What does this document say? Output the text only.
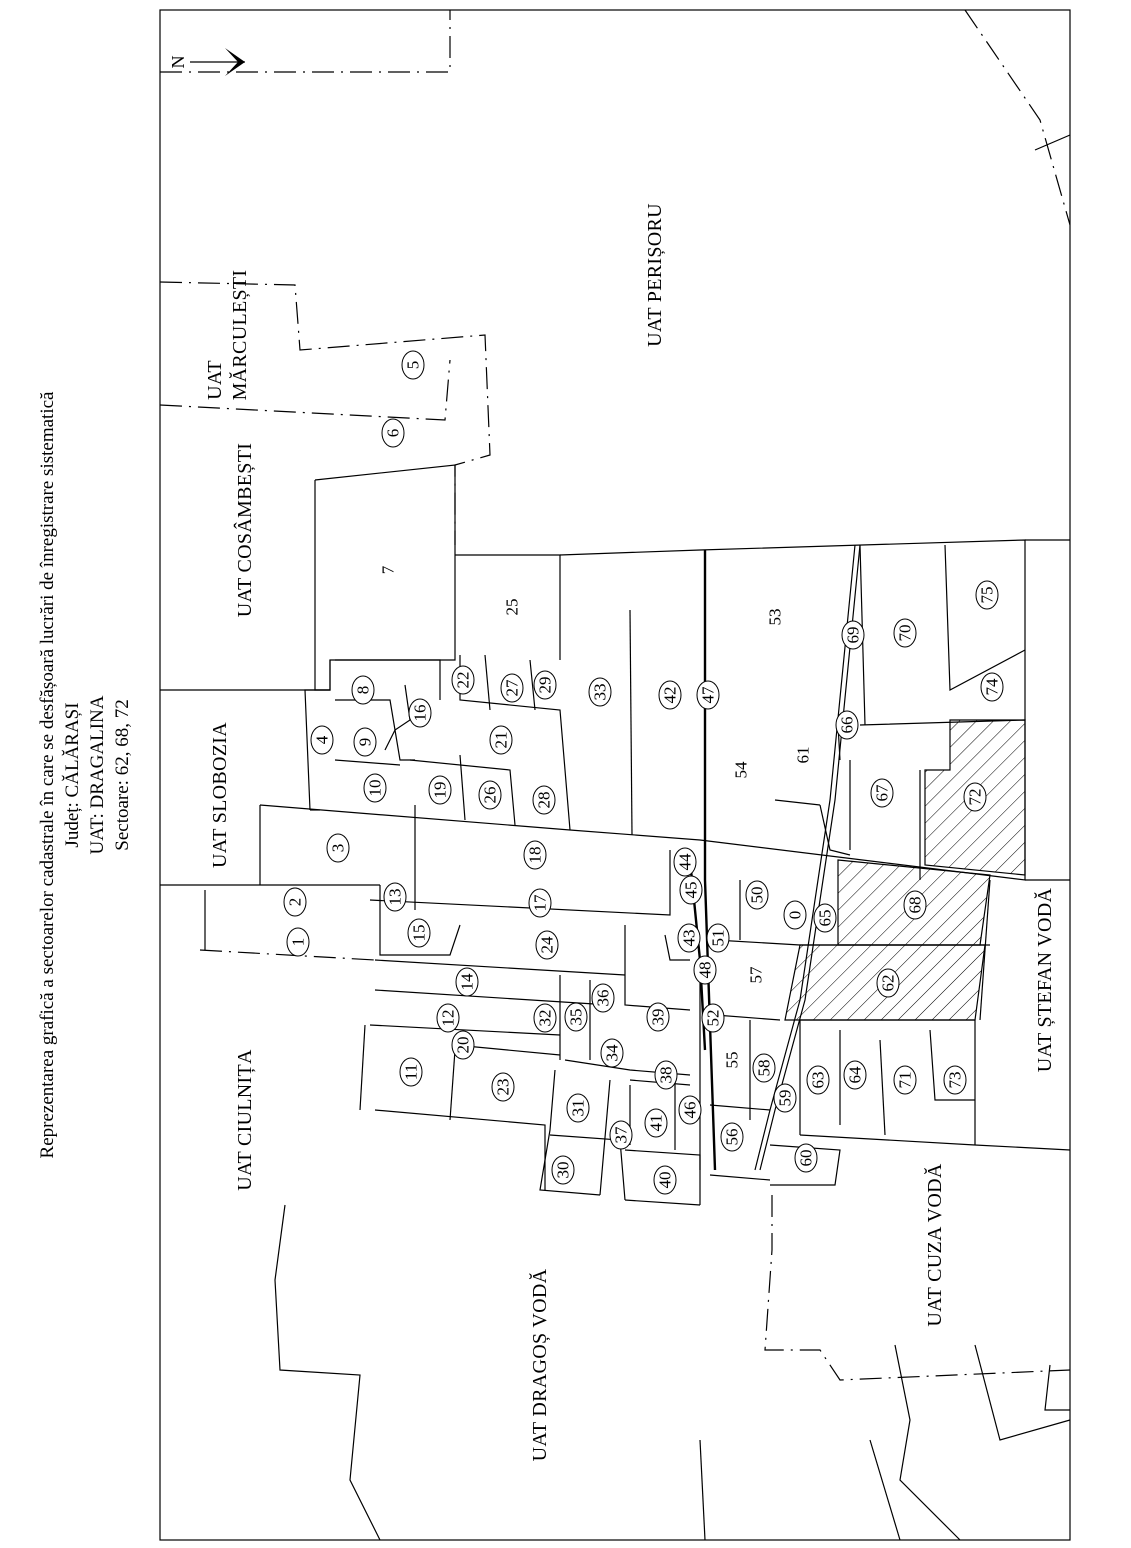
Reprezentarea grafică a sectoarelor cadastrale în care se desfășoară lucrări de înregistrare sistematică Județ: CĂLĂRAȘI UAT: DRAGALINA Sectoare: 62, 68, 72
N
UAT PERIȘORU
UAT MĂRCULEȘTI
UAT COSÂMBEȘTI
UAT SLOBOZIA
UAT CIULNIȚA
UAT DRAGOȘ VODĂ
UAT CUZA VODĂ
UAT ȘTEFAN VODĂ
0
1
2
3
4
5
6
7
8
9
10
11
12
13
14
15
16
17
18
19
20
21
22
23
24
25
26
27
28
29
30
31
32
33
34
35
36
37
38
39
40
41
42
43
44
45
46
47
48
50
51
52
53
54
55
56
57
58
59
60
61
62
63 64
65
66
67
68
69 70
71
72
73
74
75
